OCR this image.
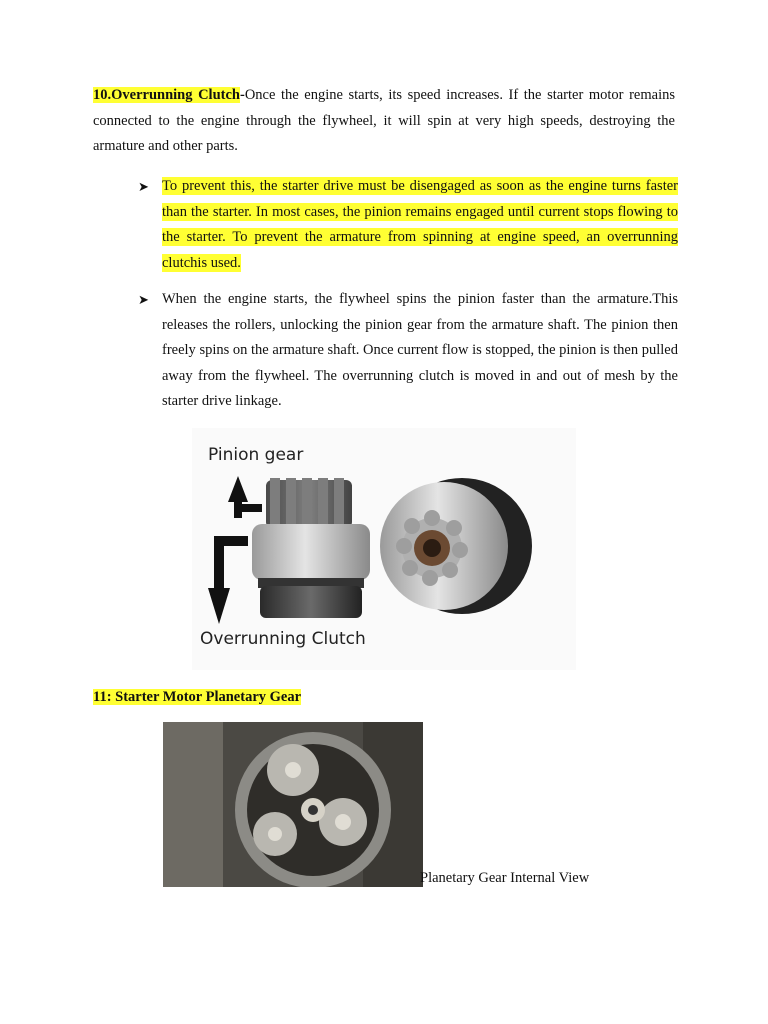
10.Overrunning Clutch-Once the engine starts, its speed increases. If the starter motor remains connected to the engine through the flywheel, it will spin at very high speeds, destroying the armature and other parts.
➤ To prevent this, the starter drive must be disengaged as soon as the engine turns faster than the starter. In most cases, the pinion remains engaged until current stops flowing to the starter. To prevent the armature from spinning at engine speed, an overrunning clutchis used.
➤ When the engine starts, the flywheel spins the pinion faster than the armature.This releases the rollers, unlocking the pinion gear from the armature shaft. The pinion then freely spins on the armature shaft. Once current flow is stopped, the pinion is then pulled away from the flywheel. The overrunning clutch is moved in and out of mesh by the starter drive linkage.
Pinion gear
Overrunning Clutch
11: Starter Motor Planetary Gear
Planetary Gear Internal View
